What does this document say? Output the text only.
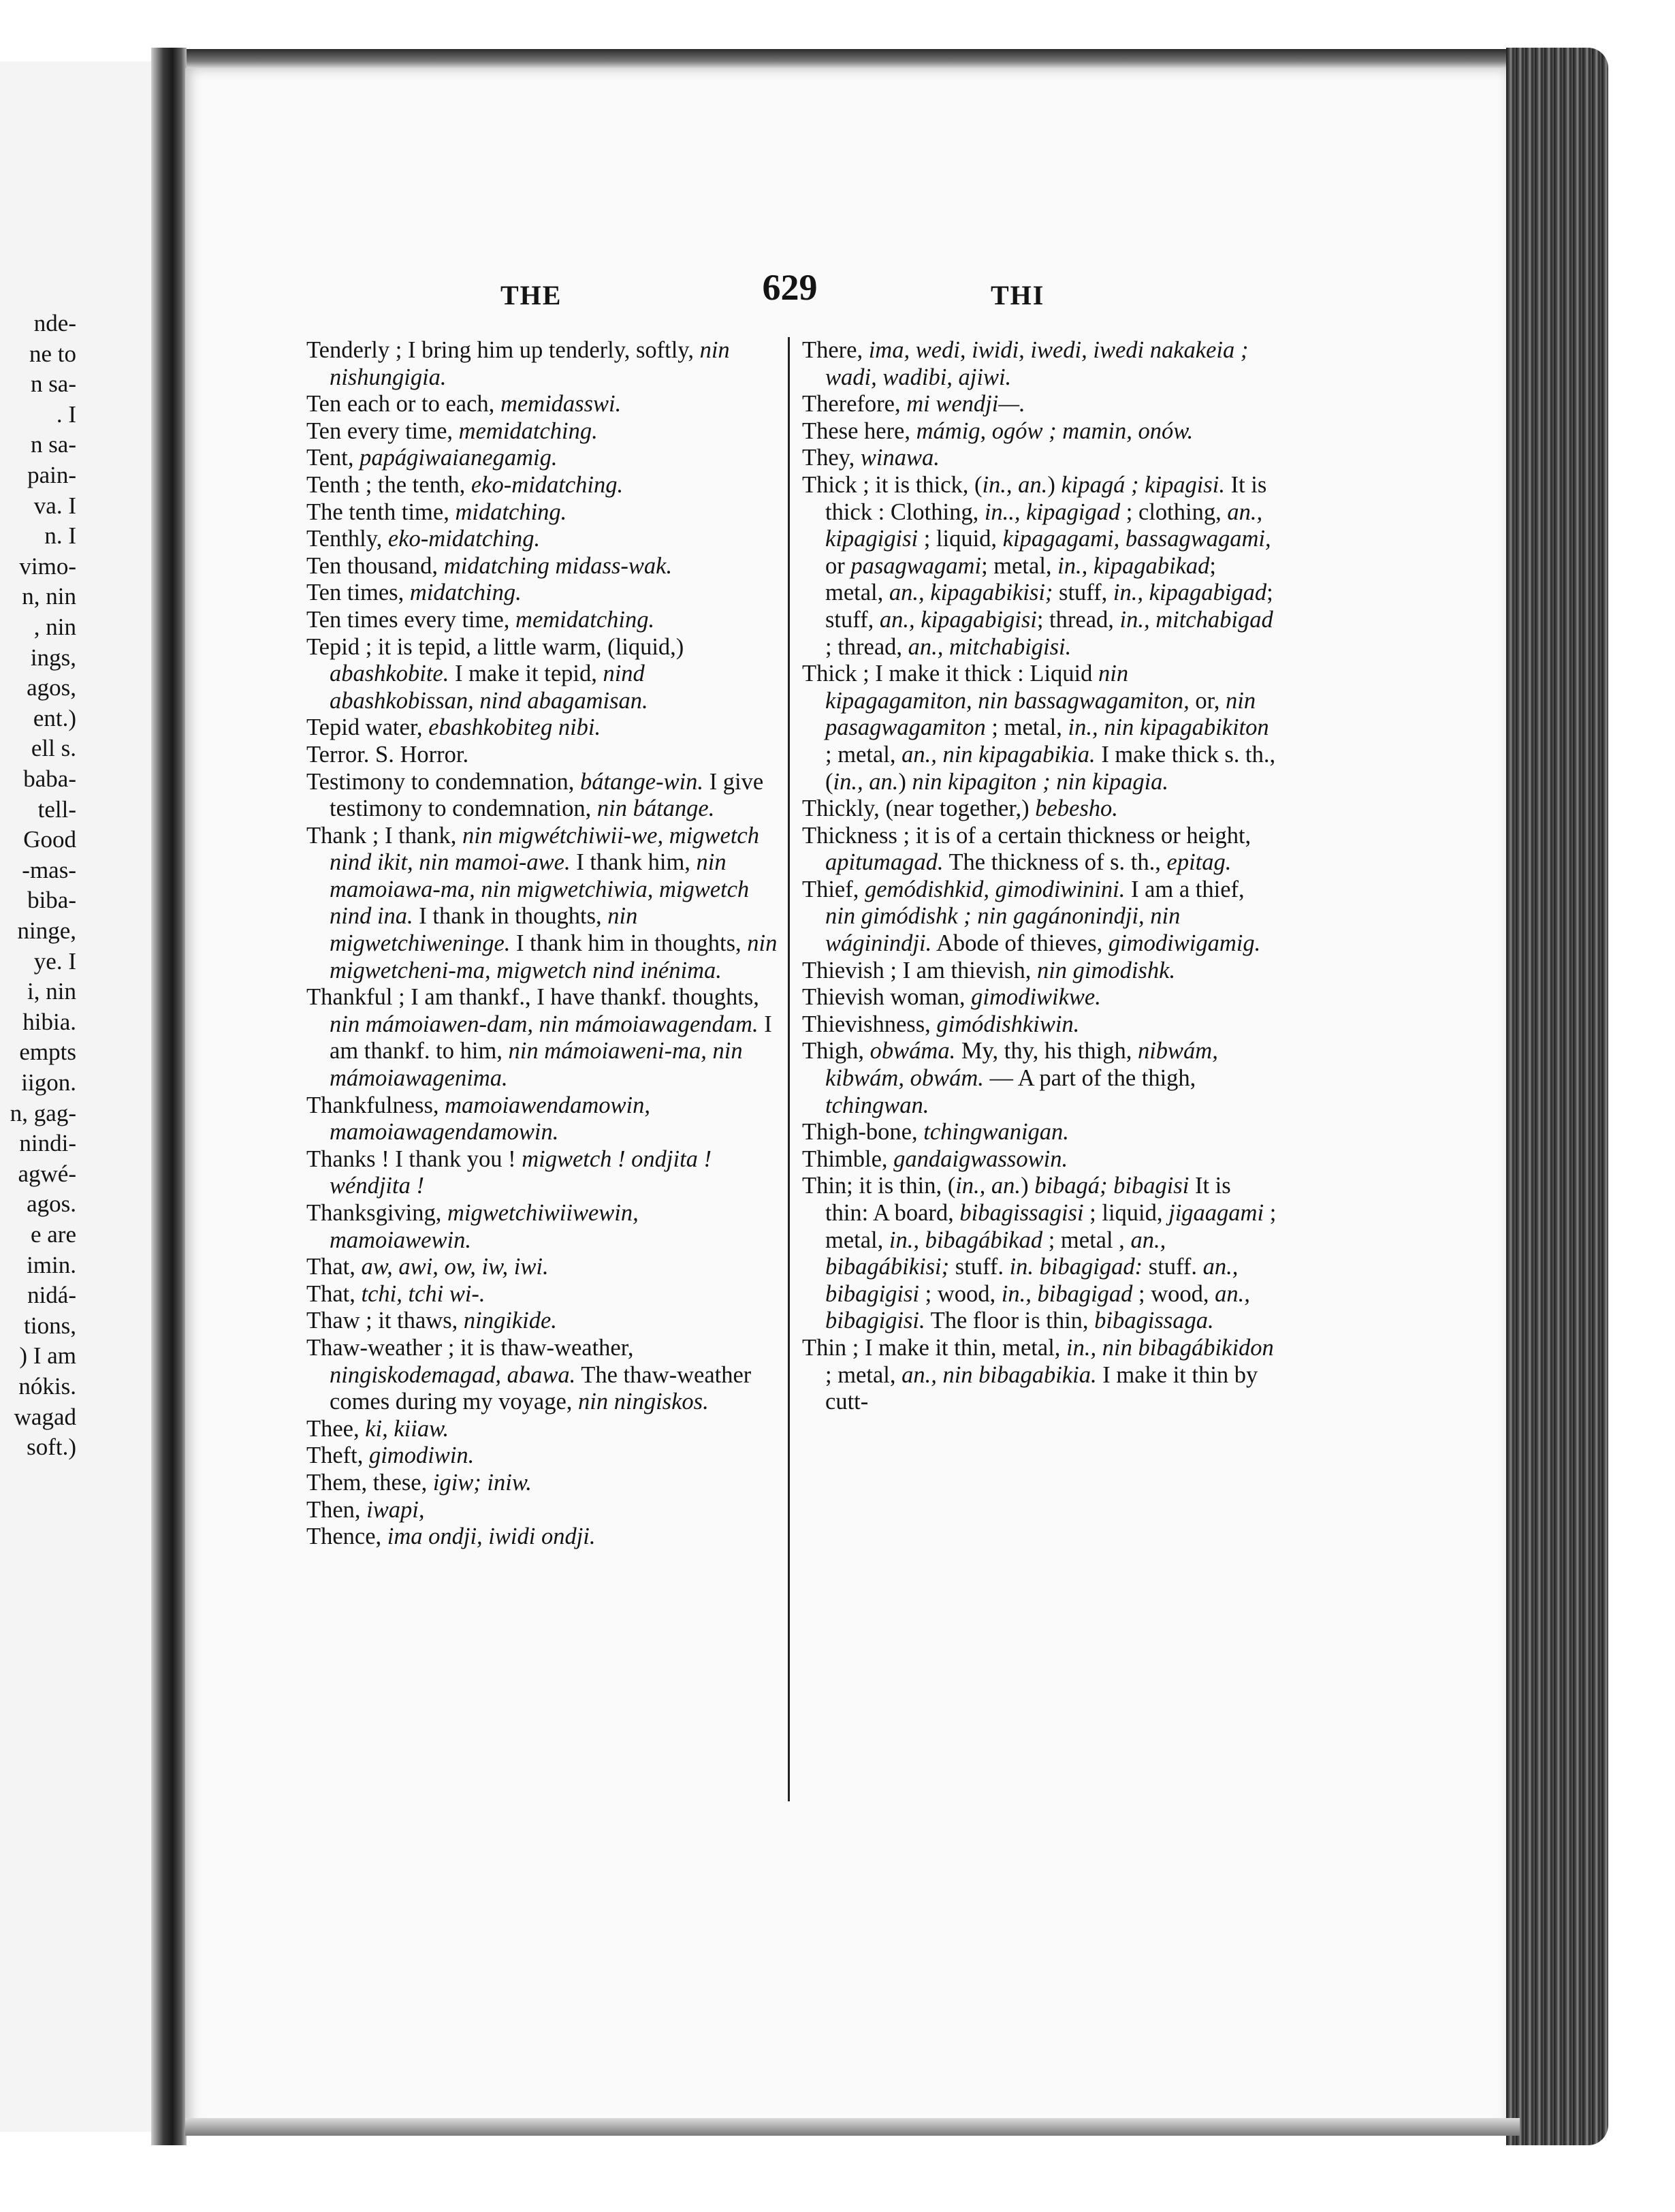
nde-
ne to
n sa-
. I
n sa-
pain-
va. I
n. I
vimo-
n, nin
, nin
ings,
agos,
ent.)
ell s.
baba-
tell-
Good
-mas-
biba-
ninge,
ye. I
i, nin
hibia.
empts
iigon.
n, gag-
nindi-
agwé-
agos.
e are
imin.
nidá-
tions,
) I am
nókis.
wagad
soft.)
THE	629	THI

Tenderly ; I bring him up tenderly, softly, nin nishungigia.

Ten each or to each, memidasswi.

Ten every time, memidatching.

Tent, papágiwaianegamig.

Tenth ; the tenth, eko-midatching.

The tenth time, midatching.

Tenthly, eko-midatching.

Ten thousand, midatching midass-wak.

Ten times, midatching.

Ten times every time, memidatching.

Tepid ; it is tepid, a little warm, (liquid,) abashkobite. I make it tepid, nind abashkobissan, nind abagamisan.

Tepid water, ebashkobiteg nibi.

Terror. S. Horror.

Testimony to condemnation, bátange-win. I give testimony to condemnation, nin bátange.

Thank ; I thank, nin migwétchiwii-we, migwetch nind ikit, nin mamoi-awe. I thank him, nin mamoiawa-ma, nin migwetchiwia, migwetch nind ina. I thank in thoughts, nin migwetchiweninge. I thank him in thoughts, nin migwetcheni-ma, migwetch nind inénima.

Thankful ; I am thankf., I have thankf. thoughts, nin mámoiawen-dam, nin mámoiawagendam. I am thankf. to him, nin mámoiaweni-ma, nin mámoiawagenima.

Thankfulness, mamoiawendamowin, mamoiawagendamowin.

Thanks ! I thank you ! migwetch ! ondjita ! wéndjita !

Thanksgiving, migwetchiwiiwewin, mamoiawewin.

That, aw, awi, ow, iw, iwi.

That, tchi, tchi wi-.

Thaw ; it thaws, ningikide.

Thaw-weather ; it is thaw-weather, ningiskodemagad, abawa. The thaw-weather comes during my voyage, nin ningiskos.

Thee, ki, kiiaw.

Theft, gimodiwin.

Them, these, igiw; iniw.

Then, iwapi,

Thence, ima ondji, iwidi ondji.

There, ima, wedi, iwidi, iwedi, iwedi nakakeia ; wadi, wadibi, ajiwi.

Therefore, mi wendji—.

These here, mámig, ogów ; mamin, onów.

They, winawa.

Thick ; it is thick, (in., an.) kipagá ; kipagisi. It is thick : Clothing, in.., kipagigad ; clothing, an., kipagigisi ; liquid, kipagagami, bassagwagami, or pasagwagami; metal, in., kipagabikad; metal, an., kipagabikisi; stuff, in., kipagabigad; stuff, an., kipagabigisi; thread, in., mitchabigad ; thread, an., mitchabigisi.

Thick ; I make it thick : Liquid nin kipagagamiton, nin bassagwagamiton, or, nin pasagwagamiton ; metal, in., nin kipagabikiton ; metal, an., nin kipagabikia. I make thick s. th., (in., an.) nin kipagiton ; nin kipagia.

Thickly, (near together,) bebesho.

Thickness ; it is of a certain thickness or height, apitumagad. The thickness of s. th., epitag.

Thief, gemódishkid, gimodiwinini. I am a thief, nin gimódishk ; nin gagánonindji, nin wáginindji. Abode of thieves, gimodiwigamig.

Thievish ; I am thievish, nin gimodishk.

Thievish woman, gimodiwikwe.

Thievishness, gimódishkiwin.

Thigh, obwáma. My, thy, his thigh, nibwám, kibwám, obwám. — A part of the thigh, tchingwan.

Thigh-bone, tchingwanigan.

Thimble, gandaigwassowin.

Thin; it is thin, (in., an.) bibagá; bibagisi It is thin: A board, bibagissagisi ; liquid, jigaagami ; metal, in., bibagábikad ; metal , an., bibagábikisi; stuff. in. bibagigad: stuff. an., bibagigisi ; wood, in., bibagigad ; wood, an., bibagigisi. The floor is thin, bibagissaga.

Thin ; I make it thin, metal, in., nin bibagábikidon ; metal, an., nin bibagabikia. I make it thin by cutt-
